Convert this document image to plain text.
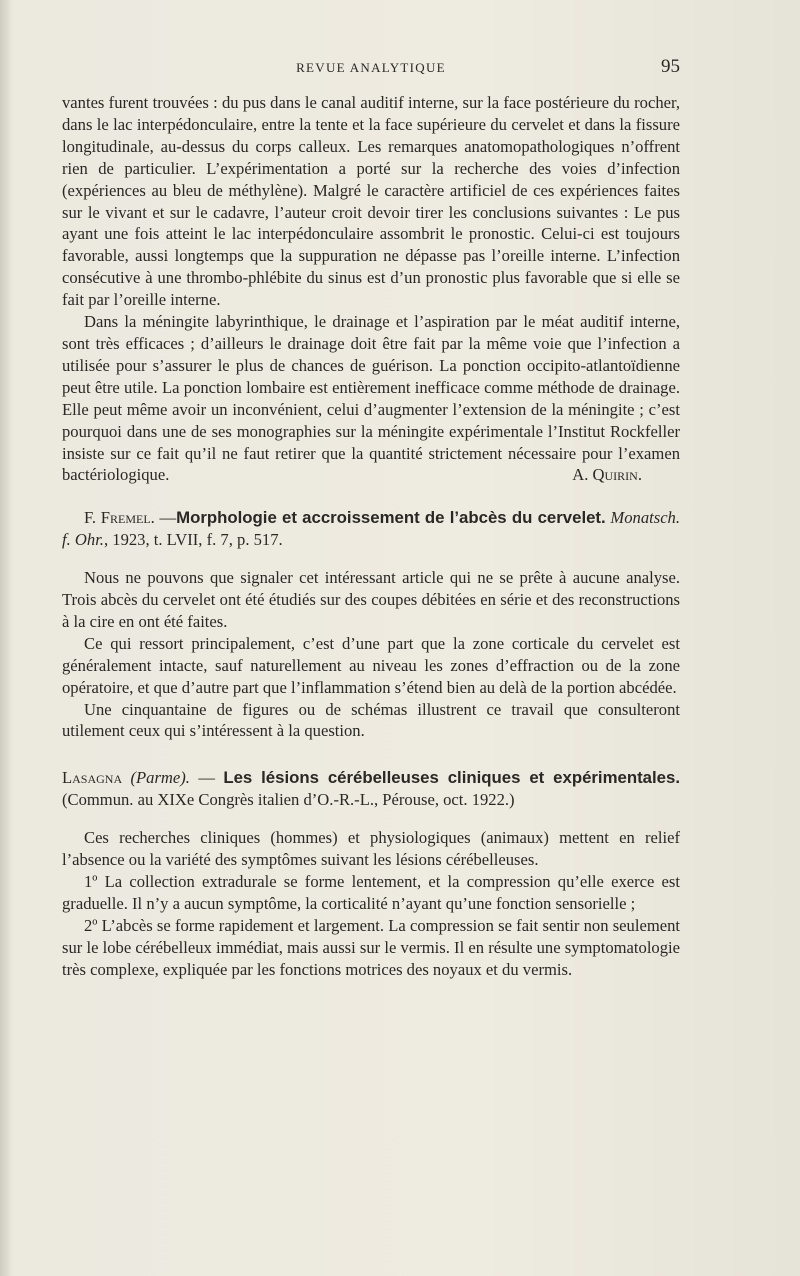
REVUE ANALYTIQUE	95

vantes furent trouvées : du pus dans le canal auditif interne, sur la face postérieure du rocher, dans le lac interpédonculaire, entre la tente et la face supérieure du cervelet et dans la fissure longitudinale, au-dessus du corps calleux. Les remarques anatomopathologiques n’offrent rien de particulier. L’expérimentation a porté sur la recherche des voies d’infection (expériences au bleu de méthylène). Malgré le caractère artificiel de ces expériences faites sur le vivant et sur le cadavre, l’auteur croit devoir tirer les conclusions suivantes : Le pus ayant une fois atteint le lac interpédonculaire assombrit le pronostic. Celui-ci est toujours favorable, aussi longtemps que la suppuration ne dépasse pas l’oreille interne. L’infection consécutive à une thrombo-phlébite du sinus est d’un pronostic plus favorable que si elle se fait par l’oreille interne.

Dans la méningite labyrinthique, le drainage et l’aspiration par le méat auditif interne, sont très efficaces ; d’ailleurs le drainage doit être fait par la même voie que l’infection a utilisée pour s’assurer le plus de chances de guérison. La ponction occipito-atlantoïdienne peut être utile. La ponction lombaire est entièrement inefficace comme méthode de drainage. Elle peut même avoir un inconvénient, celui d’augmenter l’extension de la méningite ; c’est pourquoi dans une de ses monographies sur la méningite expérimentale l’Institut Rockfeller insiste sur ce fait qu’il ne faut retirer que la quantité strictement nécessaire pour l’examen bactériologique.	A. Quirin.

F. Fremel. —Morphologie et accroissement de l’abcès du cervelet. Monatsch. f. Ohr., 1923, t. LVII, f. 7, p. 517.

Nous ne pouvons que signaler cet intéressant article qui ne se prête à aucune analyse. Trois abcès du cervelet ont été étudiés sur des coupes débitées en série et des reconstructions à la cire en ont été faites.

Ce qui ressort principalement, c’est d’une part que la zone corticale du cervelet est généralement intacte, sauf naturellement au niveau les zones d’effraction ou de la zone opératoire, et que d’autre part que l’inflammation s’étend bien au delà de la portion abcédée.

Une cinquantaine de figures ou de schémas illustrent ce travail que consulteront utilement ceux qui s’intéressent à la question.

Lasagna (Parme). — Les lésions cérébelleuses cliniques et expérimentales. (Commun. au XIXe Congrès italien d’O.-R.-L., Pérouse, oct. 1922.)

Ces recherches cliniques (hommes) et physiologiques (animaux) mettent en relief l’absence ou la variété des symptômes suivant les lésions cérébelleuses.

1º La collection extradurale se forme lentement, et la compression qu’elle exerce est graduelle. Il n’y a aucun symptôme, la corticalité n’ayant qu’une fonction sensorielle ;

2º L’abcès se forme rapidement et largement. La compression se fait sentir non seulement sur le lobe cérébelleux immédiat, mais aussi sur le vermis. Il en résulte une symptomatologie très complexe, expliquée par les fonctions motrices des noyaux et du vermis.
